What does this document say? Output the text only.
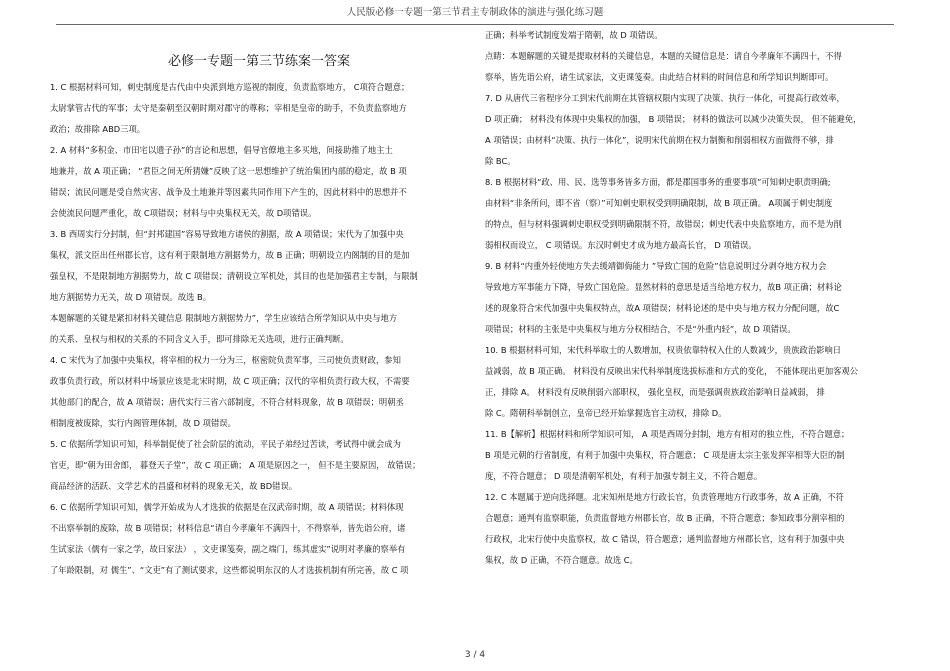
人民版必修一专题一第三节君主专制政体的演进与强化练习题
必修一专题一第三节练案一答案
1. C 根据材料可知，刺史制度是古代由中央派到地方巡视的制度，负责监察地方， C项符合题意；
太尉掌管古代的军事；太守是秦朝至汉朝时期对郡守的尊称；宰相是皇帝的助手，不负责监察地方
政治；故排除 ABD三项。
2. A 材料“多积金、市田宅以遗子孙”的言论和思想，倡导官僚地主多买地，间接助推了地主土
地兼并，故 A 项正确； “君臣之间无所猜嫌”反映了这一思想维护了统治集团内部的稳定，故 B 项
错误；流民问题是受自然灾害、战争及土地兼并等因素共同作用下产生的，因此材料中的思想并不
会使流民问题严重化，故 C项错误；材料与中央集权无关，故 D项错误。
3. B 西周实行分封制，但“封邦建国”容易导致地方诸侯的割据，故 A 项错误；宋代为了加强中央
集权，派文臣出任州郡长官，这有利于限制地方割据势力，故 B 正确；明朝设立内阁制的目的是加
强皇权，不是限制地方割据势力，故 C 项错误；清朝设立军机处，其目的也是加强君主专制，与限制
地方割据势力无关，故 D 项错误。故选 B。
本题解题的关键是紧扣材料关键信息 限制地方割据势力”，学生应该结合所学知识从中央与地方
的关系、皇权与相权的关系的不同含义入手，即可排除无关选项，进行正确判断。
4. C 宋代为了加强中央集权，将宰相的权力一分为三，枢密院负责军事，三司使负责财政，参知
政事负责行政，所以材料中场景应该是北宋时期，故 C 项正确；汉代的宰相负责行政大权，不需要
其他部门的配合，故 A 项错误；唐代实行三省六部制度，不符合材料现象，故 B 项错误；明朝丞
相制度被废除，实行内阁管理体制，故 D 项错误。
5. C 依据所学知识可知，科举制促使了社会阶层的流动，平民子弟经过苦读，考试得中就会成为
官吏，即“朝为田舍郎， 暮登天子堂”，故 C 项正确； A 项是原因之一， 但不是主要原因， 故错误；
商品经济的活跃、文学艺术的昌盛和材料的现象无关，故 BD错误。
6. C 依据所学知识可知，儒学开始成为人才选拔的依据是在汉武帝时期，故 A 项错误；材料体现
不出察举制的废除，故 B 项错误；材料信息“请自今孝廉年不满四十，不得察举，皆先诣公府，诸
生试家法（儒有一家之学，故曰家法） ，文吏课笺奏，副之端门，练其虚实”说明对孝廉的察举有
了年龄限制，对 儒生”、“文吏”有了测试要求，这些都说明东汉的人才选拔机制有所完善，故 C 项
正确；科举考试制度发端于隋朝，故 D 项错误。
点睛：本题解题的关键是提取材料的关键信息，本题的关键信息是：请自今孝廉年不满四十，不得
察举，皆先诣公府，诸生试家法，文吏课笺奏。由此结合材料的时间信息和所学知识判断即可。
7. D 从唐代三省程序分工到宋代前期在其管辖权限内实现了决策、执行一体化，可提高行政效率，
D 项正确； 材料没有体现中央集权的加强， B 项错误； 材料的做法可以减少决策失误， 但不能避免，
A 项错误；由材料“决策、执行一体化”，说明宋代前期在权力制衡和削弱相权方面做得不够，排
除 BC。
8. B 根据材料“政、用、民、选等事务皆多方面，都是郡国事务的重要事项”可知刺史职责明确;
由材料“非条所问，即不省（察）”可知刺史职权受到明确限制，故 B 项正确。 A项属于刺史制度
的特点，但与材料强调刺史职权受到明确限制不符，故错误；刺史代表中央监察地方，而不是为削
弱相权而设立， C 项错误。东汉时刺史才成为地方最高长官， D 项错误。
9. B 材料“内重外轻使地方失去缓靖御侮能力 ”导致亡国的危险”信息说明过分剥夺地方权力会
导致地方军事能力下降，导致亡国危险。显然材料的意思是适当给地方权力，故B 项正确；材料论
述的现象符合宋代加强中央集权特点，故A 项错误；材料论述的是中央与地方权力分配问题，故C
项错误；材料的主张是中央集权与地方分权相结合，不是“外重内轻”，故 D 项错误。
10. B 根据材料可知，宋代科举取士的人数增加，权贵依靠特权入仕的人数减少，贵族政治影响日
益减弱，故 B 项正确。 材料没有反映出宋代科举制度选拔标准和方式的变化， 不能体现出更加客观公
正，排除 A。 材料没有反映削弱六部职权， 强化皇权，而是强调贵族政治影响日益减弱， 排
除 C。隋朝科举制创立，皇帝已经开始掌握选官主动权，排除 D。
11. B【解析】根据材料和所学知识可知， A 项是西周分封制，地方有相对的独立性，不符合题意；
B 项是元朝的行省制度，有利于加强中央集权，符合题意； C 项是唐太宗主张发挥宰相等大臣的制
度，不符合题意； D 项是清朝军机处，有利于加强专制主义，不符合题意。
12. C 本题属于逆向选择题。北宋知州是地方行政长官，负责管理地方行政事务，故 A 正确，不符
合题意；通判有监察职能，负责监督地方州郡长官，故 B 正确，不符合题意；参知政事分割宰相的
行政权，北宋行使中央监察权，故 C 错误，符合题意；通判监督地方州郡长官，这有利于加强中央
集权，故 D 正确，不符合题意。故选 C。
3 / 4
